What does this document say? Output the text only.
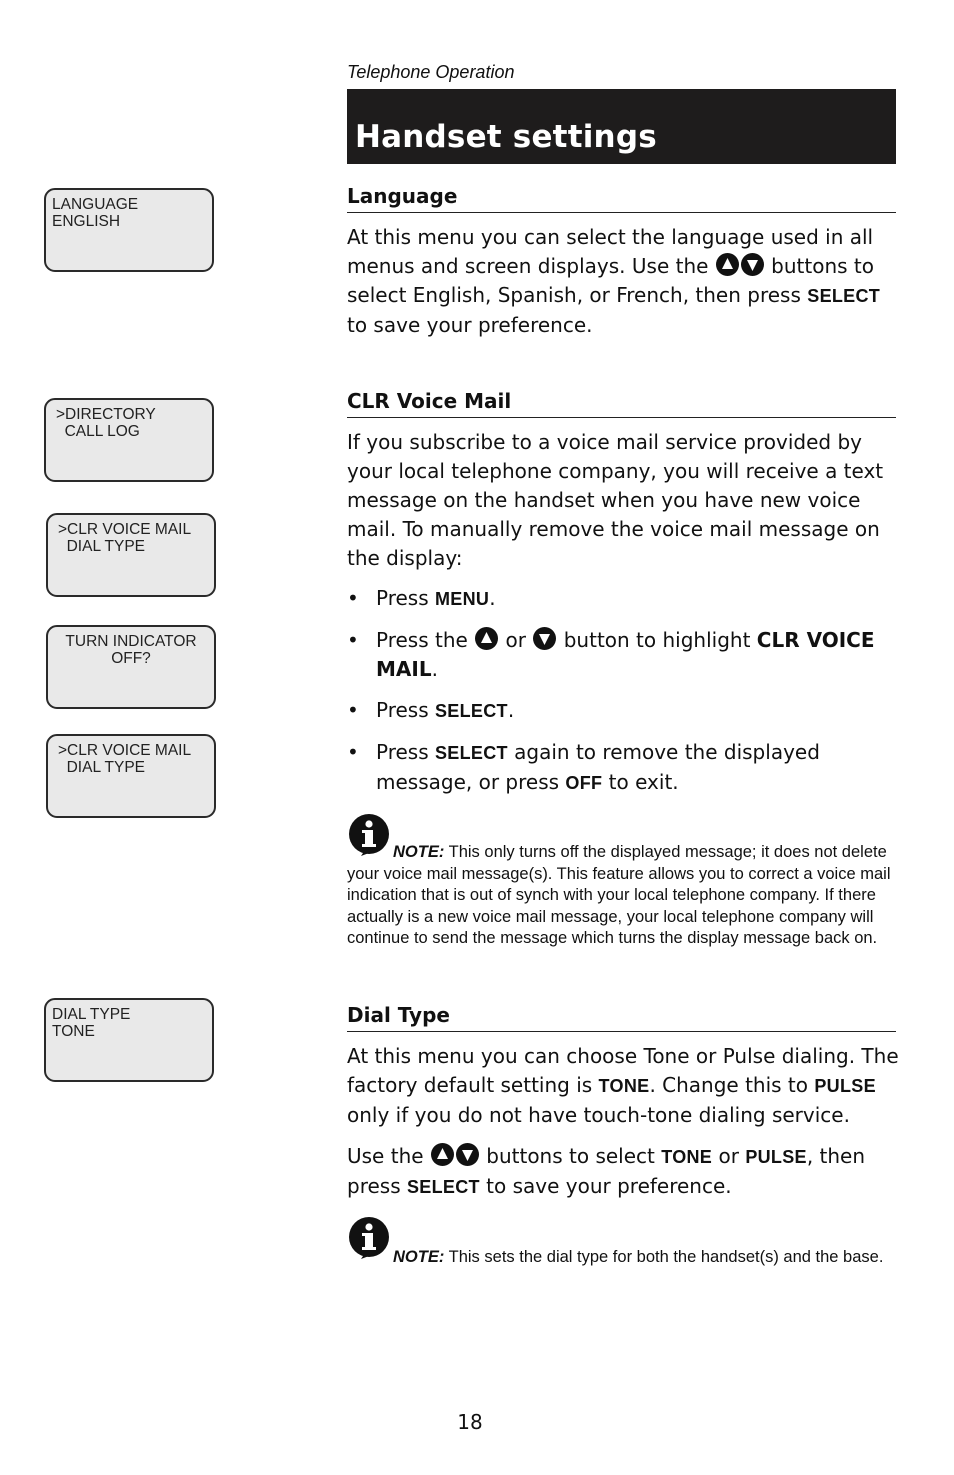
Telephone Operation
Handset settings
LANGUAGE
ENGLISH
>DIRECTORY
CALL LOG
>CLR VOICE MAIL
DIAL TYPE
TURN INDICATOR
OFF?
>CLR VOICE MAIL
DIAL TYPE
DIAL TYPE
TONE
Language

At this menu you can select the language used in all menus and screen displays. Use the	buttons to select English, Spanish, or French, then press SELECT to save your preference.

CLR Voice Mail

If you subscribe to a voice mail service provided by your local telephone company, you will receive a text message on the handset when you have new voice mail. To manually remove the voice mail message on the display:

• Press MENU.
• Press the or button to highlight CLR VOICE MAIL.
• Press SELECT.
• Press SELECT again to remove the displayed message, or press OFF to exit.
NOTE: This only turns off the displayed message; it does not delete your voice mail message(s). This feature allows you to correct a voice mail indication that is out of synch with your local telephone company. If there actually is a new voice mail message, your local telephone company will continue to send the message which turns the display message back on.
Dial Type

At this menu you can choose Tone or Pulse dialing. The factory default setting is TONE. Change this to PULSE only if you do not have touch-tone dialing service.

Use the	buttons to select TONE or PULSE, then press SELECT to save your preference.

NOTE: This sets the dial type for both the handset(s) and the base.
18
